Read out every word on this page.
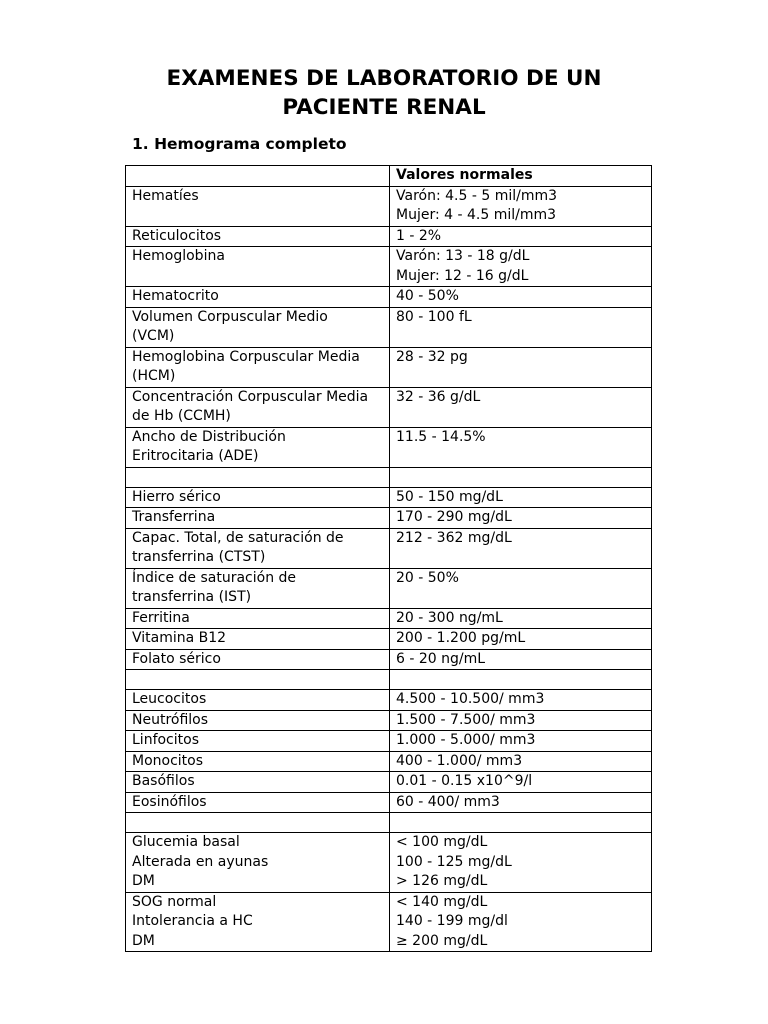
EXAMENES DE LABORATORIO DE UN
PACIENTE RENAL
1. Hemograma completo
	Valores normales

Hematíes	Varón: 4.5 - 5 mil/mm3
Mujer: 4 - 4.5 mil/mm3

Reticulocitos	1 - 2%

Hemoglobina	Varón: 13 - 18 g/dL
Mujer: 12 - 16 g/dL

Hematocrito	40 - 50%

Volumen Corpuscular Medio
(VCM)	80 - 100 fL

Hemoglobina Corpuscular Media
(HCM)	28 - 32 pg

Concentración Corpuscular Media
de Hb (CCMH)	32 - 36 g/dL

Ancho de Distribución
Eritrocitaria (ADE)	11.5 - 14.5%

Hierro sérico	50 - 150 mg/dL

Transferrina	170 - 290 mg/dL

Capac. Total, de saturación de
transferrina (CTST)	212 - 362 mg/dL

Índice de saturación de
transferrina (IST)	20 - 50%

Ferritina	20 - 300 ng/mL

Vitamina B12	200 - 1.200 pg/mL

Folato sérico	6 - 20 ng/mL

Leucocitos	4.500 - 10.500/ mm3

Neutrófilos	1.500 - 7.500/ mm3

Linfocitos	1.000 - 5.000/ mm3

Monocitos	400 - 1.000/ mm3

Basófilos	0.01 - 0.15 x10^9/l

Eosinófilos	60 - 400/ mm3

Glucemia basal
Alterada en ayunas
DM	< 100 mg/dL
100 - 125 mg/dL
> 126 mg/dL

SOG normal
Intolerancia a HC
DM	< 140 mg/dL
140 - 199 mg/dl
≥ 200 mg/dL
